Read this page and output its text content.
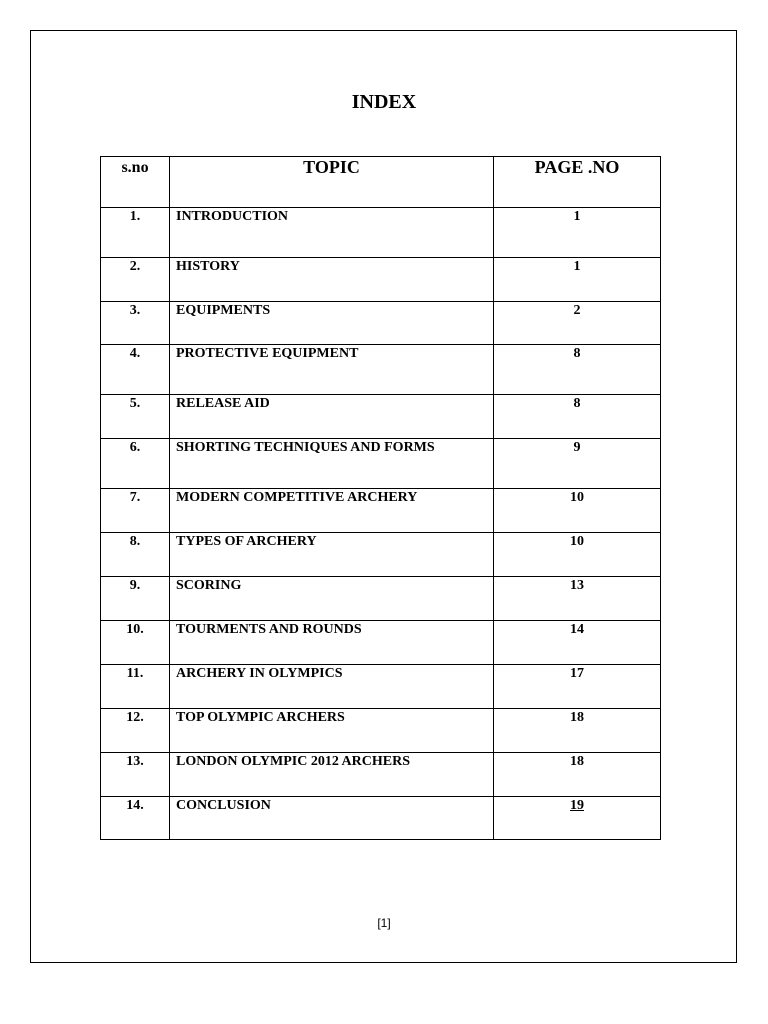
INDEX
s.no	TOPIC	PAGE .NO
1.	INTRODUCTION	1
2.	HISTORY	1
3.	EQUIPMENTS	2
4.	PROTECTIVE EQUIPMENT	8
5.	RELEASE AID	8
6.	SHORTING TECHNIQUES AND FORMS	9
7.	MODERN COMPETITIVE ARCHERY	10
8.	TYPES OF ARCHERY	10
9.	SCORING	13
10.	TOURMENTS AND ROUNDS	14
11.	ARCHERY IN OLYMPICS	17
12.	TOP OLYMPIC ARCHERS	18
13.	LONDON OLYMPIC 2012 ARCHERS	18
14.	CONCLUSION	19
[1]
